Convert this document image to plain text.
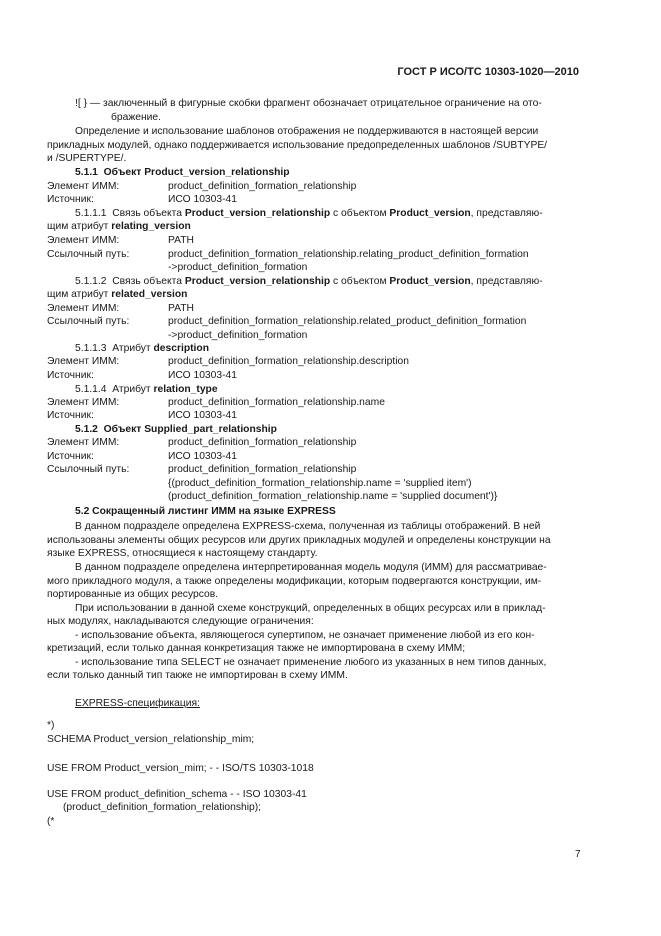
ГОСТ Р ИСО/ТС 10303-1020—2010
![ } — заключенный в фигурные скобки фрагмент обозначает отрицательное ограничение на ото-
бражение.
Определение и использование шаблонов отображения не поддерживаются в настоящей версии
прикладных модулей, однако поддерживается использование предопределенных шаблонов /SUBTYPE/
и /SUPERTYPE/.
5.1.1 Объект Product_version_relationship
Элемент ИММ:	product_definition_formation_relationship
Источник:	ИСО 10303-41
5.1.1.1 Связь объекта Product_version_relationship с объектом Product_version, представляю-
щим атрибут relating_version
Элемент ИММ:	PATH
Ссылочный путь:	product_definition_formation_relationship.relating_product_definition_formation
->product_definition_formation
5.1.1.2 Связь объекта Product_version_relationship с объектом Product_version, представляю-
щим атрибут related_version
Элемент ИММ:	PATH
Ссылочный путь:	product_definition_formation_relationship.related_product_definition_formation
->product_definition_formation
5.1.1.3 Атрибут description
Элемент ИММ:	product_definition_formation_relationship.description
Источник:	ИСО 10303-41
5.1.1.4 Атрибут relation_type
Элемент ИММ:	product_definition_formation_relationship.name
Источник:	ИСО 10303-41
5.1.2 Объект Supplied_part_relationship
Элемент ИММ:	product_definition_formation_relationship
Источник:	ИСО 10303-41
Ссылочный путь:	product_definition_formation_relationship
{(product_definition_formation_relationship.name = 'supplied item')
(product_definition_formation_relationship.name = 'supplied document')}
5.2 Сокращенный листинг ИММ на языке EXPRESS
В данном подразделе определена EXPRESS-схема, полученная из таблицы отображений. В ней
использованы элементы общих ресурсов или других прикладных модулей и определены конструкции на
языке EXPRESS, относящиеся к настоящему стандарту.
В данном подразделе определена интерпретированная модель модуля (ИММ) для рассматривае-
мого прикладного модуля, а также определены модификации, которым подвергаются конструкции, им-
портированные из общих ресурсов.
При использовании в данной схеме конструкций, определенных в общих ресурсах или в приклад-
ных модулях, накладываются следующие ограничения:
- использование объекта, являющегося супертипом, не означает применение любой из его кон-
кретизаций, если только данная конкретизация также не импортирована в схему ИММ;
- использование типа SELECT не означает применение любого из указанных в нем типов данных,
если только данный тип также не импортирован в схему ИММ.
EXPRESS-спецификация:
*)
SCHEMA Product_version_relationship_mim;
USE FROM Product_version_mim; - - ISO/TS 10303-1018
USE FROM product_definition_schema - - ISO 10303-41
(product_definition_formation_relationship);
(*
7
